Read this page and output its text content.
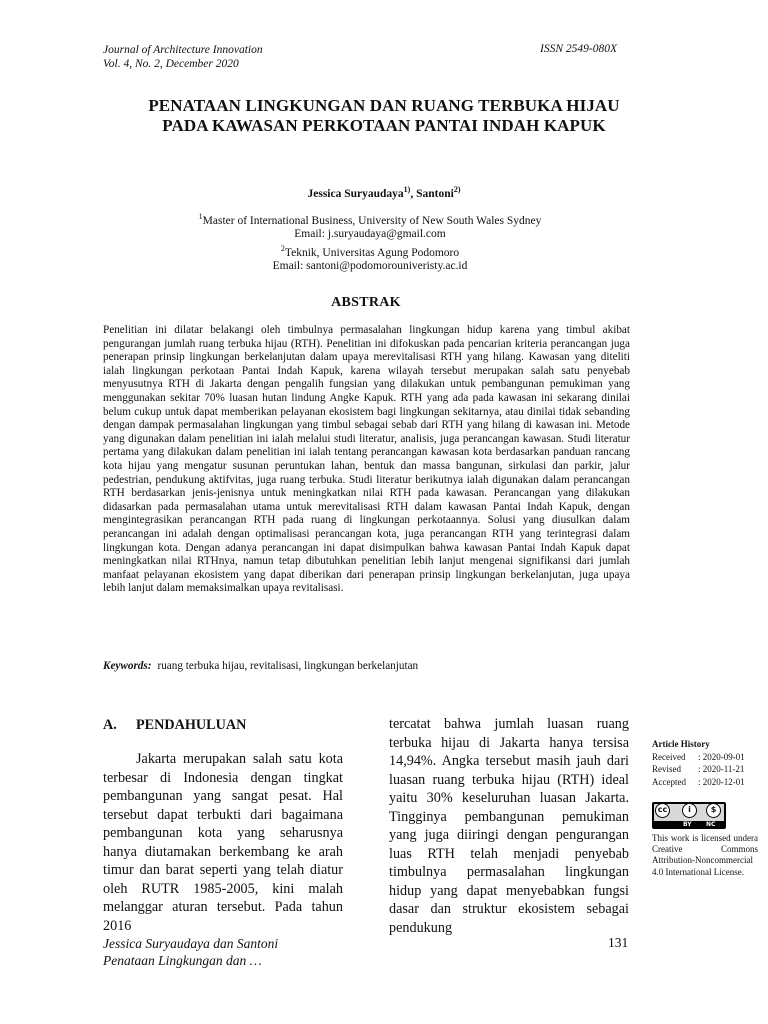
Journal of Architecture Innovation
Vol. 4, No. 2, December 2020
ISSN 2549-080X
PENATAAN LINGKUNGAN DAN RUANG TERBUKA HIJAU
PADA KAWASAN PERKOTAAN PANTAI INDAH KAPUK
Jessica Suryaudaya$^{1)}$, Santoni$^{2)}$
$^1$Master of International Business, University of New South Wales Sydney
Email: j.suryaudaya@gmail.com
$^2$Teknik, Universitas Agung Podomoro
Email: santoni@podomorouniveristy.ac.id
ABSTRAK

Penelitian ini dilatar belakangi oleh timbulnya permasalahan lingkungan hidup karena yang timbul akibat pengurangan jumlah ruang terbuka hijau (RTH). Penelitian ini difokuskan pada pencarian kriteria perancangan juga penerapan prinsip lingkungan berkelanjutan dalam upaya merevitalisasi RTH yang hilang. Kawasan yang diteliti ialah lingkungan perkotaan Pantai Indah Kapuk, karena wilayah tersebut merupakan salah satu penyebab menyusutnya RTH di Jakarta dengan pengalih fungsian yang dilakukan untuk pembangunan pemukiman yang menggunakan sekitar 70% luasan hutan lindung Angke Kapuk. RTH yang ada pada kawasan ini sekarang dinilai belum cukup untuk dapat memberikan pelayanan ekosistem bagi lingkungan sekitarnya, atau dinilai tidak sebanding dengan dampak permasalahan lingkungan yang timbul sebagai sebab dari RTH yang hilang di kawasan ini. Metode yang digunakan dalam penelitian ini ialah melalui studi literatur, analisis, juga perancangan kawasan. Studi literatur pertama yang dilakukan dalam penelitian ini ialah tentang perancangan kawasan kota berdasarkan panduan rancang kota hijau yang mengatur susunan peruntukan lahan, bentuk dan massa bangunan, sirkulasi dan parkir, jalur pedestrian, pendukung aktifvitas, juga ruang terbuka. Studi literatur berikutnya ialah digunakan dalam perancangan RTH berdasarkan jenis-jenisnya untuk meningkatkan nilai RTH pada kawasan. Perancangan yang dilakukan didasarkan pada permasalahan utama untuk merevitalisasi RTH dalam kawasan Pantai Indah Kapuk, dengan mengintegrasikan perancangan RTH pada ruang di lingkungan perkotaannya. Solusi yang diusulkan dalam perancangan ini adalah dengan optimalisasi perancangan kota, juga perancangan RTH yang terintegrasi dalam lingkungan kota. Dengan adanya perancangan ini dapat disimpulkan bahwa kawasan Pantai Indah Kapuk dapat meningkatkan nilai RTHnya, namun tetap dibutuhkan penelitian lebih lanjut mengenai signifikansi dari jumlah manfaat pelayanan ekosistem yang dapat diberikan dari penerapan prinsip lingkungan berkelanjutan, juga upaya lebih lanjut dalam memaksimalkan upaya revitalisasi.

Keywords: ruang terbuka hijau, revitalisasi, lingkungan berkelanjutan
A. PENDAHULUAN

Jakarta merupakan salah satu kota terbesar di Indonesia dengan tingkat pembangunan yang sangat pesat. Hal tersebut dapat terbukti dari bagaimana pembangunan kota yang seharusnya hanya diutamakan berkembang ke arah timur dan barat seperti yang telah diatur oleh RUTR 1985-2005, kini malah melanggar aturan tersebut. Pada tahun 2016

tercatat bahwa jumlah luasan ruang terbuka hijau di Jakarta hanya tersisa 14,94%. Angka tersebut masih jauh dari luasan ruang terbuka hijau (RTH) ideal yaitu 30% keseluruhan luasan Jakarta. Tingginya pembangunan pemukiman yang juga diiringi dengan pengurangan luas RTH telah menjadi penyebab timbulnya permasalahan lingkungan hidup yang dapat menyebabkan fungsi dasar dan struktur ekosistem sebagai pendukung

Article History
Received : 2020-09-01
Revised : 2020-11-21
Accepted : 2020-12-01
cc	i	$
BY NC
This work is licensed undera Creative Commons Attribution-Noncommercial 4.0 International License.
Jessica Suryaudaya dan Santoni
Penataan Lingkungan dan …
131
